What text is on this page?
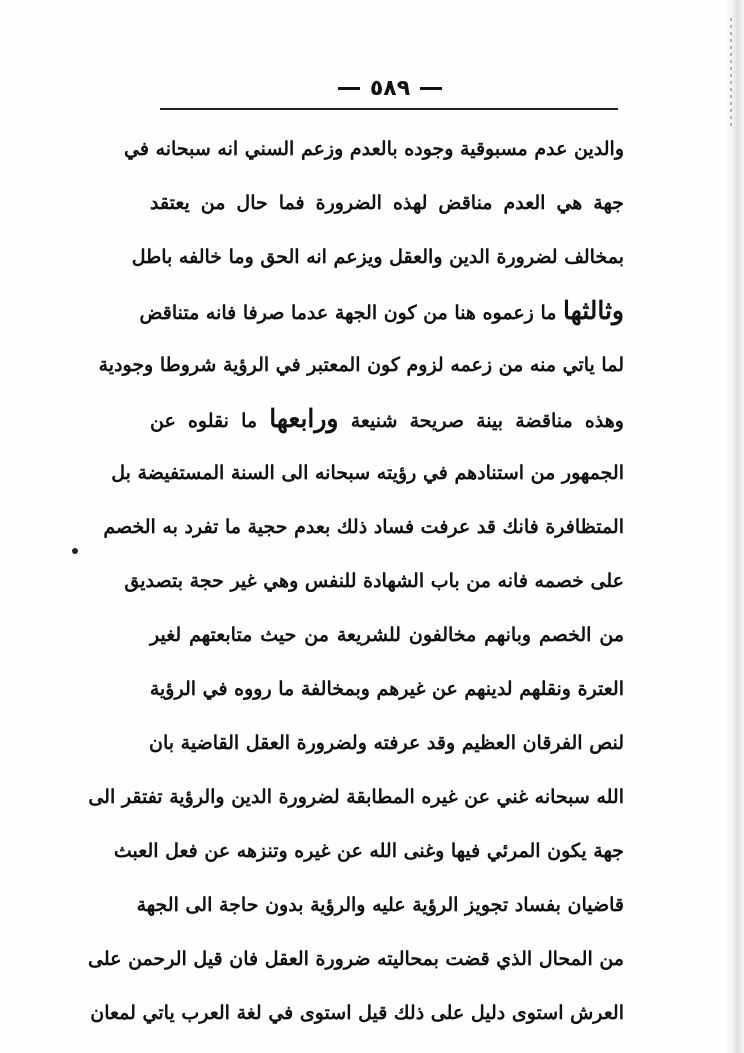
٥٨٩
والدين عدم مسبوقية وجوده بالعدم وزعم السني انه سبحانه في
جهة هي العدم مناقض لهذه الضرورة فما حال من يعتقد
بمخالف لضرورة الدين والعقل ويزعم انه الحق وما خالفه باطل
وثالثها ما زعموه هنا من كون الجهة عدما صرفا فانه متناقض
لما ياتي منه من زعمه لزوم كون المعتبر في الرؤية شروطا وجودية
وهذه مناقضة بينة صريحة شنيعة ورابعها ما نقلوه عن
الجمهور من استنادهم في رؤيته سبحانه الى السنة المستفيضة بل
المتظافرة فانك قد عرفت فساد ذلك بعدم حجية ما تفرد به الخصم
على خصمه فانه من باب الشهادة للنفس وهي غير حجة بتصديق
من الخصم وبانهم مخالفون للشريعة من حيث متابعتهم لغير
العترة ونقلهم لدينهم عن غيرهم وبمخالفة ما رووه في الرؤية
لنص الفرقان العظيم وقد عرفته ولضرورة العقل القاضية بان
الله سبحانه غني عن غيره المطابقة لضرورة الدين والرؤية تفتقر الى
جهة يكون المرئي فيها وغنى الله عن غيره وتنزهه عن فعل العبث
قاضيان بفساد تجويز الرؤية عليه والرؤية بدون حاجة الى الجهة
من المحال الذي قضت بمحاليته ضرورة العقل فان قيل الرحمن على
العرش استوى دليل على ذلك قيل استوى في لغة العرب ياتي لمعان
